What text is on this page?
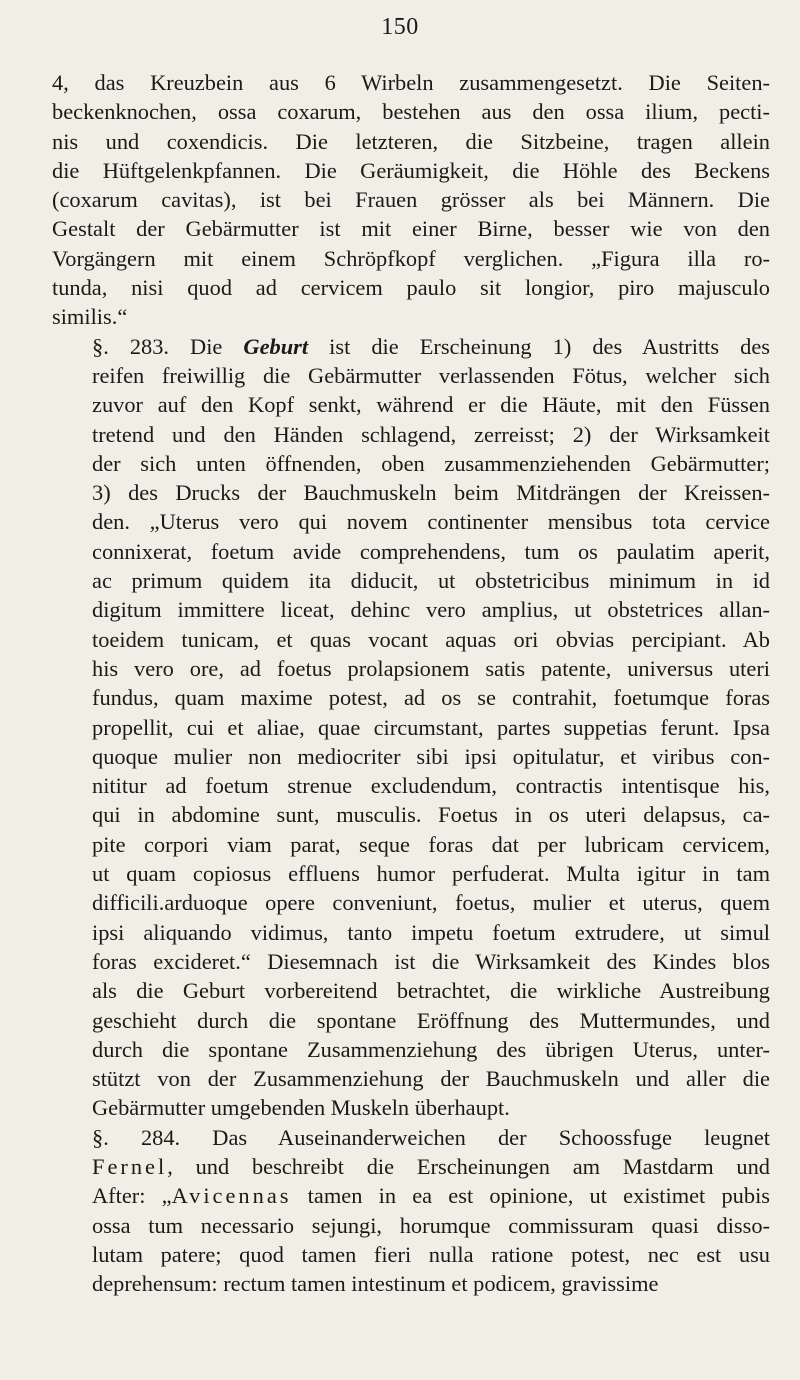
150
4, das Kreuzbein aus 6 Wirbeln zusammengesetzt. Die Seiten-
beckenknochen, ossa coxarum, bestehen aus den ossa ilium, pecti-
nis und coxendicis. Die letzteren, die Sitzbeine, tragen allein
die Hüftgelenkpfannen. Die Geräumigkeit, die Höhle des Beckens
(coxarum cavitas), ist bei Frauen grösser als bei Männern. Die
Gestalt der Gebärmutter ist mit einer Birne, besser wie von den
Vorgängern mit einem Schröpfkopf verglichen. „Figura illa ro-
tunda, nisi quod ad cervicem paulo sit longior, piro majusculo
similis.“
§. 283. Die Geburt ist die Erscheinung 1) des Austritts des
reifen freiwillig die Gebärmutter verlassenden Fötus, welcher sich
zuvor auf den Kopf senkt, während er die Häute, mit den Füssen
tretend und den Händen schlagend, zerreisst; 2) der Wirksamkeit
der sich unten öffnenden, oben zusammenziehenden Gebärmutter;
3) des Drucks der Bauchmuskeln beim Mitdrängen der Kreissen-
den. „Uterus vero qui novem continenter mensibus tota cervice
connixerat, foetum avide comprehendens, tum os paulatim aperit,
ac primum quidem ita diducit, ut obstetricibus minimum in id
digitum immittere liceat, dehinc vero amplius, ut obstetrices allan-
toeidem tunicam, et quas vocant aquas ori obvias percipiant. Ab
his vero ore, ad foetus prolapsionem satis patente, universus uteri
fundus, quam maxime potest, ad os se contrahit, foetumque foras
propellit, cui et aliae, quae circumstant, partes suppetias ferunt. Ipsa
quoque mulier non mediocriter sibi ipsi opitulatur, et viribus con-
nititur ad foetum strenue excludendum, contractis intentisque his,
qui in abdomine sunt, musculis. Foetus in os uteri delapsus, ca-
pite corpori viam parat, seque foras dat per lubricam cervicem,
ut quam copiosus effluens humor perfuderat. Multa igitur in tam
difficili.arduoque opere conveniunt, foetus, mulier et uterus, quem
ipsi aliquando vidimus, tanto impetu foetum extrudere, ut simul
foras excideret.“ Diesemnach ist die Wirksamkeit des Kindes blos
als die Geburt vorbereitend betrachtet, die wirkliche Austreibung
geschieht durch die spontane Eröffnung des Muttermundes, und
durch die spontane Zusammenziehung des übrigen Uterus, unter-
stützt von der Zusammenziehung der Bauchmuskeln und aller die
Gebärmutter umgebenden Muskeln überhaupt.
§. 284. Das Auseinanderweichen der Schoossfuge leugnet
Fernel, und beschreibt die Erscheinungen am Mastdarm und
After: „Avicennas tamen in ea est opinione, ut existimet pubis
ossa tum necessario sejungi, horumque commissuram quasi disso-
lutam patere; quod tamen fieri nulla ratione potest, nec est usu
deprehensum: rectum tamen intestinum et podicem, gravissime
